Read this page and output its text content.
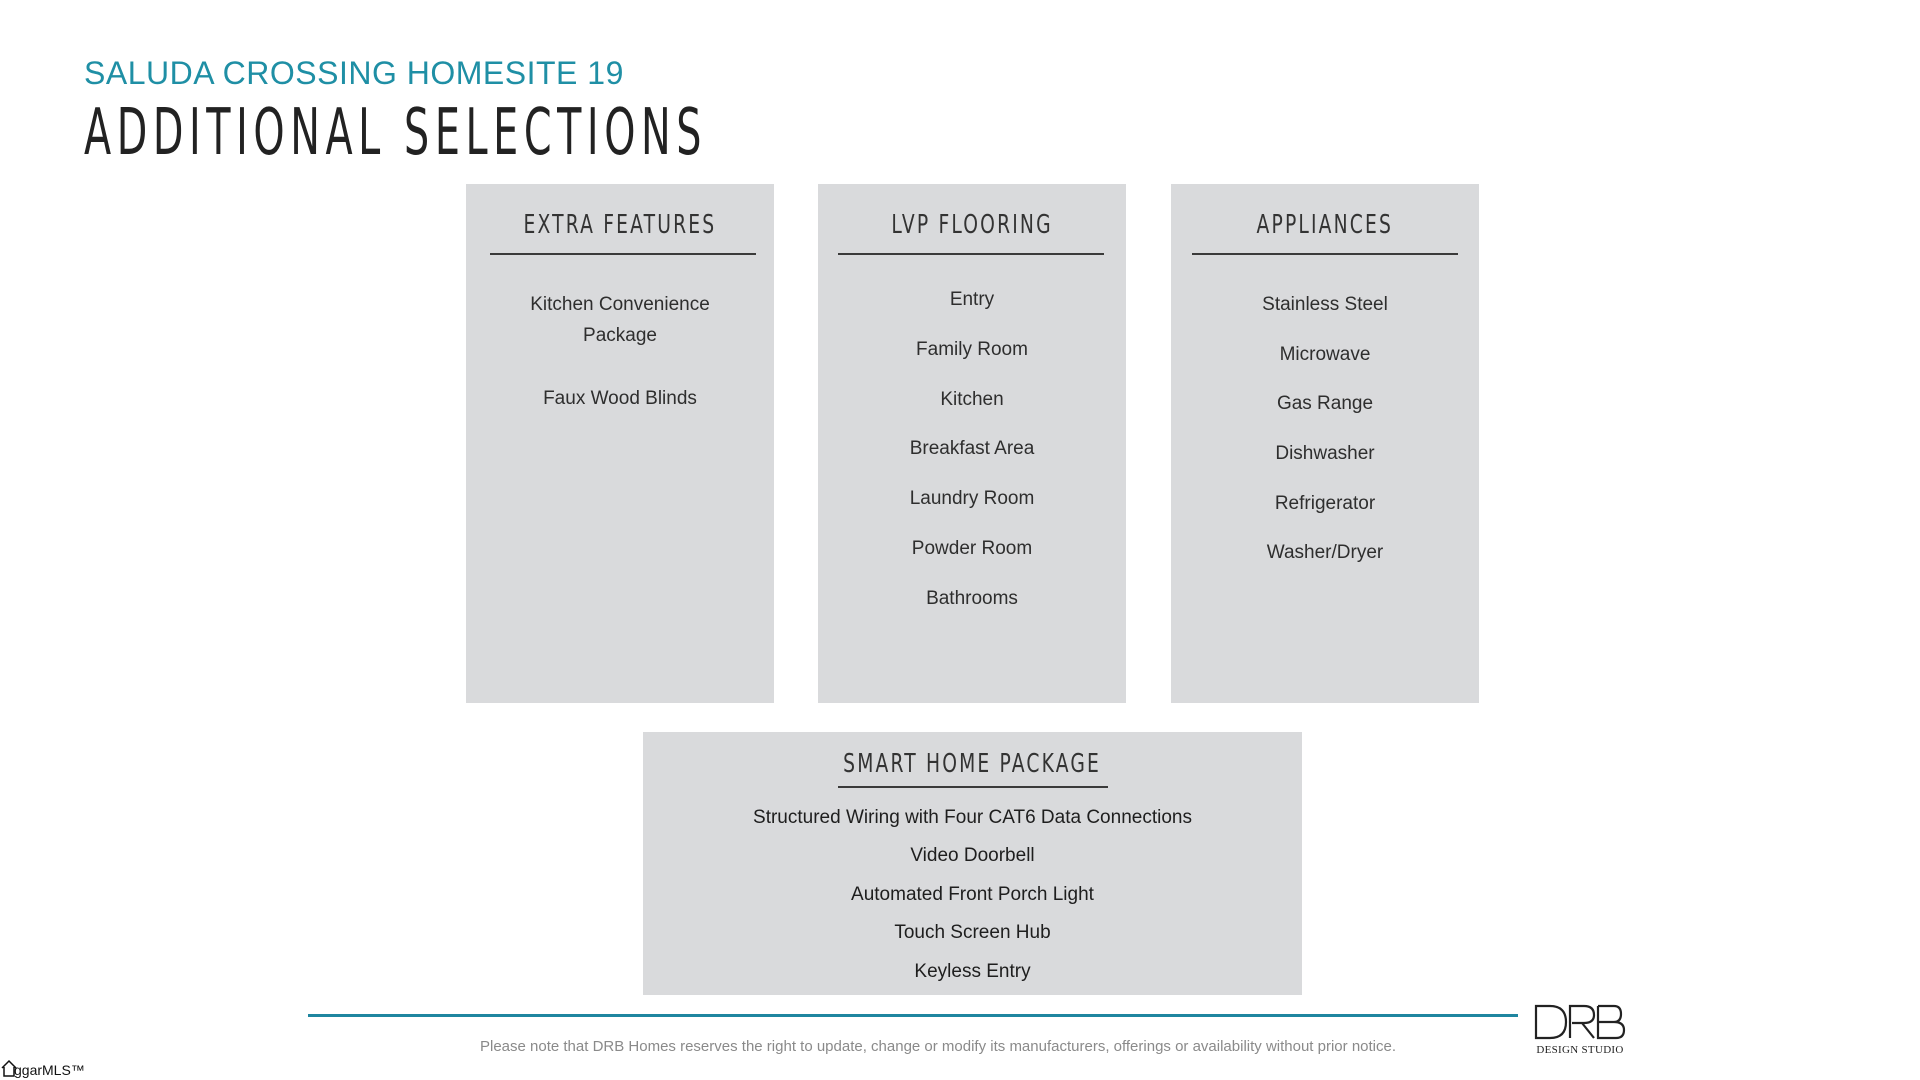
SALUDA CROSSING HOMESITE 19
ADDITIONAL SELECTIONS
EXTRA FEATURES
Kitchen Convenience
Package
Faux Wood Blinds
LVP FLOORING
Entry
Family Room
Kitchen
Breakfast Area
Laundry Room
Powder Room
Bathrooms
APPLIANCES
Stainless Steel
Microwave
Gas Range
Dishwasher
Refrigerator
Washer/Dryer
SMART HOME PACKAGE
Structured Wiring with Four CAT6 Data Connections
Video Doorbell
Automated Front Porch Light
Touch Screen Hub
Keyless Entry
Please note that DRB Homes reserves the right to update, change or modify its manufacturers, offerings or availability without prior notice.	DESIGN STUDIO
ggarMLS™
